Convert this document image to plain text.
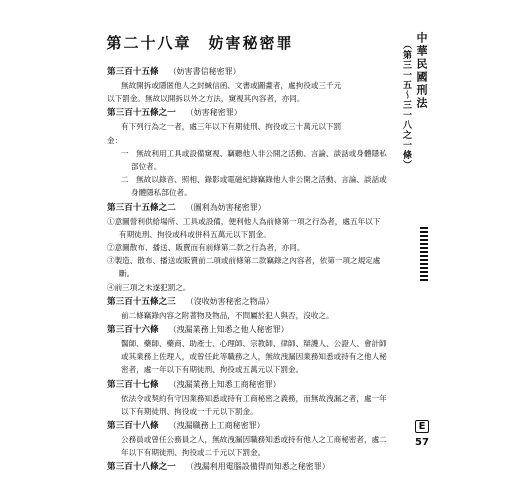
第二十八章　妨害秘密罪
第三百十五條 （ 妨害書信秘密罪 ）
無故開拆或隱匿他人之封緘信函、文書或圖畫者，處拘役或三千元
以下罰金。無故以開拆以外之方法，窺視其內容者，亦同。
第三百十五條之一 （ 妨害秘密罪 ）
有下列行為之一者，處三年以下有期徒刑、拘役或三十萬元以下罰
金：
一　無故利用工具或設備窺視、竊聽他人非公開之活動、言論、談話或身體隱私部位者。
二　無故以錄音、照相、錄影或電磁紀錄竊錄他人非公開之活動、言論、談話或身體隱私部位者。
第三百十五條之二 （ 圖利為妨害秘密罪 ）
①意圖營利供給場所、工具或設備，便利他人為前條第一項之行為者，處五年以下有期徒刑、拘役或科或併科五萬元以下罰金。
②意圖散布、播送、販賣而有前條第二款之行為者，亦同。
③製造、散布、播送或販賣前二項或前條第二款竊錄之內容者，依第一項之規定處斷。
④前三項之未遂犯罰之。
第三百十五條之三 （ 沒收妨害秘密之物品 ）
前二條竊錄內容之附著物及物品，不問屬於犯人與否，沒收之。
第三百十六條 （ 洩漏業務上知悉之他人秘密罪 ）
醫師、藥師、藥商、助產士、心理師、宗教師、律師、辯護人、公證人、會計師或其業務上佐理人，或曾任此等職務之人，無故洩漏因業務知悉或持有之他人秘密者，處一年以下有期徒刑、拘役或五萬元以下罰金。
第三百十七條 （ 洩漏業務上知悉工商秘密罪 ）
依法令或契約有守因業務知悉或持有工商秘密之義務，而無故洩漏之者，處一年以下有期徒刑、拘役或一千元以下罰金。
第三百十八條 （ 洩漏職務上工商秘密罪 ）
公務員或曾任公務員之人，無故洩漏因職務知悉或持有他人之工商秘密者，處二年以下有期徒刑、拘役或二千元以下罰金。
第三百十八條之一 （ 洩漏利用電腦設備得而知悉之秘密罪 ）
中華民國刑法
（第三一五～三一八之一條）
E
57
